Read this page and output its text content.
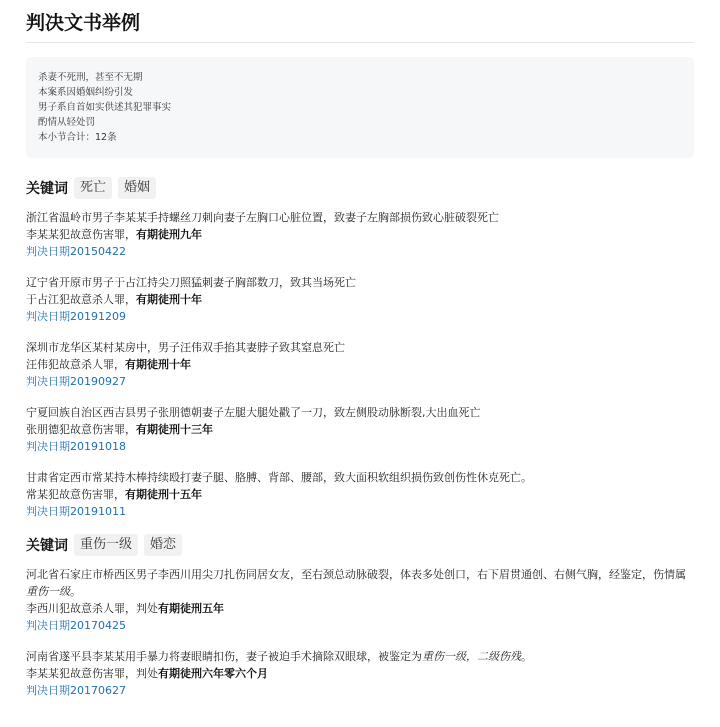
判决文书举例
杀妻不死刑，甚至不无期
本案系因婚姻纠纷引发
男子系自首如实供述其犯罪事实
酌情从轻处罚
本小节合计：12条
关键词 死亡	婚姻
浙江省温岭市男子李某某手持螺丝刀刺向妻子左胸口心脏位置，致妻子左胸部损伤致心脏破裂死亡
李某某犯故意伤害罪，有期徒刑九年
判决日期20150422
辽宁省开原市男子于占江持尖刀照猛刺妻子胸部数刀，致其当场死亡
于占江犯故意杀人罪，有期徒刑十年
判决日期20191209
深圳市龙华区某村某房中，男子汪伟双手掐其妻脖子致其窒息死亡
汪伟犯故意杀人罪，有期徒刑十年
判决日期20190927
宁夏回族自治区西吉县男子张朋德朝妻子左腿大腿处戳了一刀，致左侧股动脉断裂,大出血死亡
张朋德犯故意伤害罪，有期徒刑十三年
判决日期20191018
甘肃省定西市常某持木棒持续殴打妻子腿、胳膊、背部、腰部，致大面积软组织损伤致创伤性休克死亡。
常某犯故意伤害罪，有期徒刑十五年
判决日期20191011
关键词 重伤一级	婚恋
河北省石家庄市桥西区男子李西川用尖刀扎伤同居女友，至右颈总动脉破裂，体表多处创口，右下眉贯通创、右侧气胸，经鉴定，伤情属重伤一级。
李西川犯故意杀人罪，判处有期徒刑五年
判决日期20170425
河南省遂平县李某某用手暴力将妻眼睛扣伤，妻子被迫手术摘除双眼球，被鉴定为重伤一级，二级伤残。
李某某犯故意伤害罪，判处有期徒刑六年零六个月
判决日期20170627
